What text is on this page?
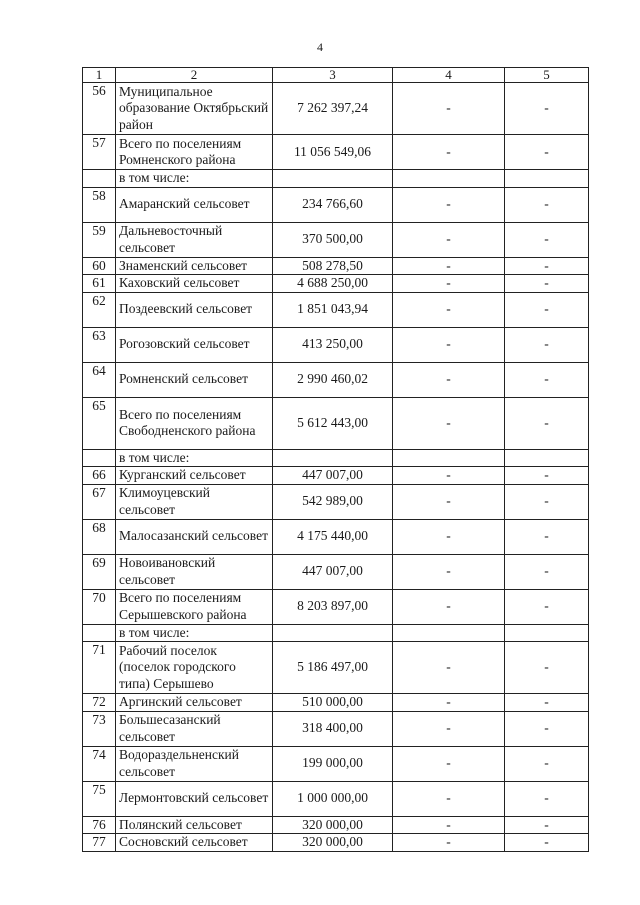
4
1	2	3	4	5
56	Муниципальное образование Октябрьский район	7 262 397,24	-	-
57	Всего по поселениям Ромненского района	11 056 549,06	-	-
	в том числе:			
58	Амаранский сельсовет	234 766,60	-	-
59	Дальневосточный сельсовет	370 500,00	-	-
60	Знаменский сельсовет	508 278,50	-	-
61	Каховский сельсовет	4 688 250,00	-	-
62	Поздеевский сельсовет	1 851 043,94	-	-
63	Рогозовский сельсовет	413 250,00	-	-
64	Ромненский сельсовет	2 990 460,02	-	-
65	Всего по поселениям Свободненского района	5 612 443,00	-	-
	в том числе:			
66	Курганский сельсовет	447 007,00	-	-
67	Климоуцевский сельсовет	542 989,00	-	-
68	Малосазанский сельсовет	4 175 440,00	-	-
69	Новоивановский сельсовет	447 007,00	-	-
70	Всего по поселениям Серышевского района	8 203 897,00	-	-
	в том числе:			
71	Рабочий поселок (поселок городского типа) Серышево	5 186 497,00	-	-
72	Аргинский сельсовет	510 000,00	-	-
73	Большесазанский сельсовет	318 400,00	-	-
74	Водораздельненский сельсовет	199 000,00	-	-
75	Лермонтовский сельсовет	1 000 000,00	-	-
76	Полянский сельсовет	320 000,00	-	-
77	Сосновский сельсовет	320 000,00	-	-
